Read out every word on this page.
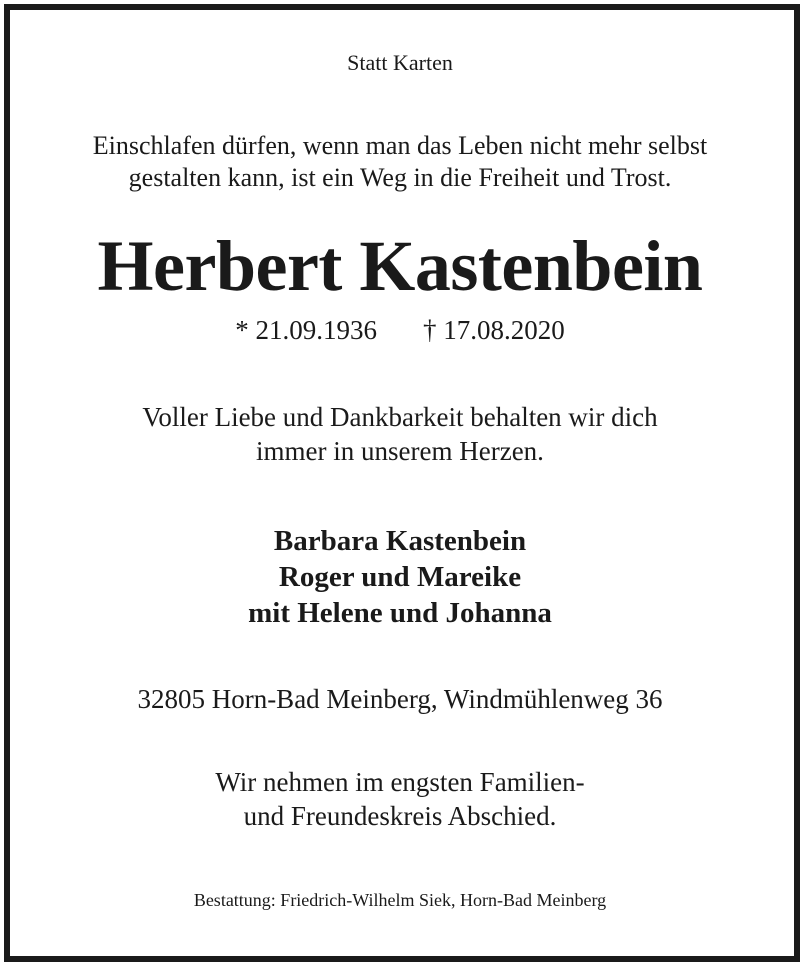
Statt Karten
Einschlafen dürfen, wenn man das Leben nicht mehr selbst
gestalten kann, ist ein Weg in die Freiheit und Trost.
Herbert Kastenbein
* 21.09.1936 † 17.08.2020
Voller Liebe und Dankbarkeit behalten wir dich
immer in unserem Herzen.
Barbara Kastenbein
Roger und Mareike
mit Helene und Johanna
32805 Horn-Bad Meinberg, Windmühlenweg 36
Wir nehmen im engsten Familien-
und Freundeskreis Abschied.
Bestattung: Friedrich-Wilhelm Siek, Horn-Bad Meinberg
